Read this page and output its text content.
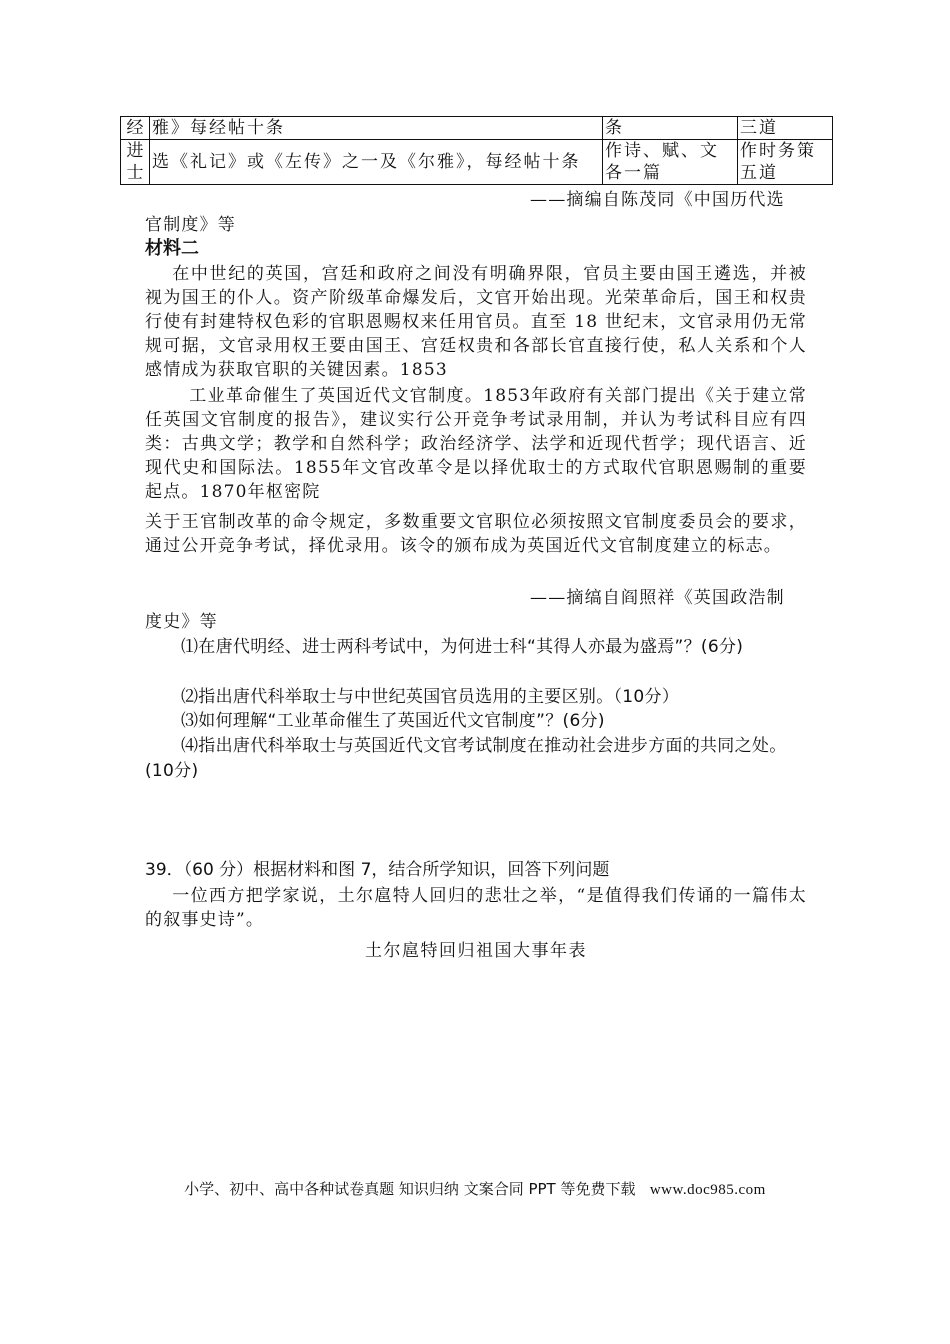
经	雅》每经帖十条	条	三道
进士	选《礼记》或《左传》之一及《尔雅》，每经帖十条	作诗、赋、文各一篇	作时务策五道
——摘编自陈茂同《中国历代选
官制度》等
材料二
在中世纪的英国，宫廷和政府之间没有明确界限，官员主要由国王遴选，并被视为国王的仆人。资产阶级革命爆发后，文官开始出现。光荣革命后，国王和权贵行使有封建特权色彩的官职恩赐权来任用官员。直至 18 世纪末，文官录用仍无常规可据，文官录用权王要由国王、宫廷权贵和各部长官直接行使，私人关系和个人感情成为获取官职的关键因素。1853
工业革命催生了英国近代文官制度。1853年政府有关部门提出《关于建立常任英国文官制度的报告》，建议实行公开竞争考试录用制，并认为考试科目应有四类：古典文学；教学和自然科学；政治经济学、法学和近现代哲学；现代语言、近现代史和国际法。1855年文官改革令是以择优取士的方式取代官职恩赐制的重要起点。1870年枢密院
关于王官制改革的命令规定，多数重要文官职位必须按照文官制度委员会的要求，通过公开竞争考试，择优录用。该令的颁布成为英国近代文官制度建立的标志。
——摘缟自阎照祥《英国政浩制
度史》等
⑴在唐代明经、进士两科考试中，为何进士科“其得人亦最为盛焉”？(6分)
⑵指出唐代科举取士与中世纪英国官员选用的主要区别。（10分）
⑶如何理解“工业革命催生了英国近代文官制度”？(6分)
⑷指出唐代科举取士与英国近代文官考试制度在推动社会进步方面的共同之处。(10分)
39．（60 分）根据材料和图 7，结合所学知识，回答下列问题
一位西方把学家说，土尔扈特人回归的悲壮之举，“是值得我们传诵的一篇伟太的叙事史诗”。
土尔扈特回归祖国大事年表
小学、初中、高中各种试卷真题 知识归纳 文案合同 PPT 等免费下载 www.doc985.com
